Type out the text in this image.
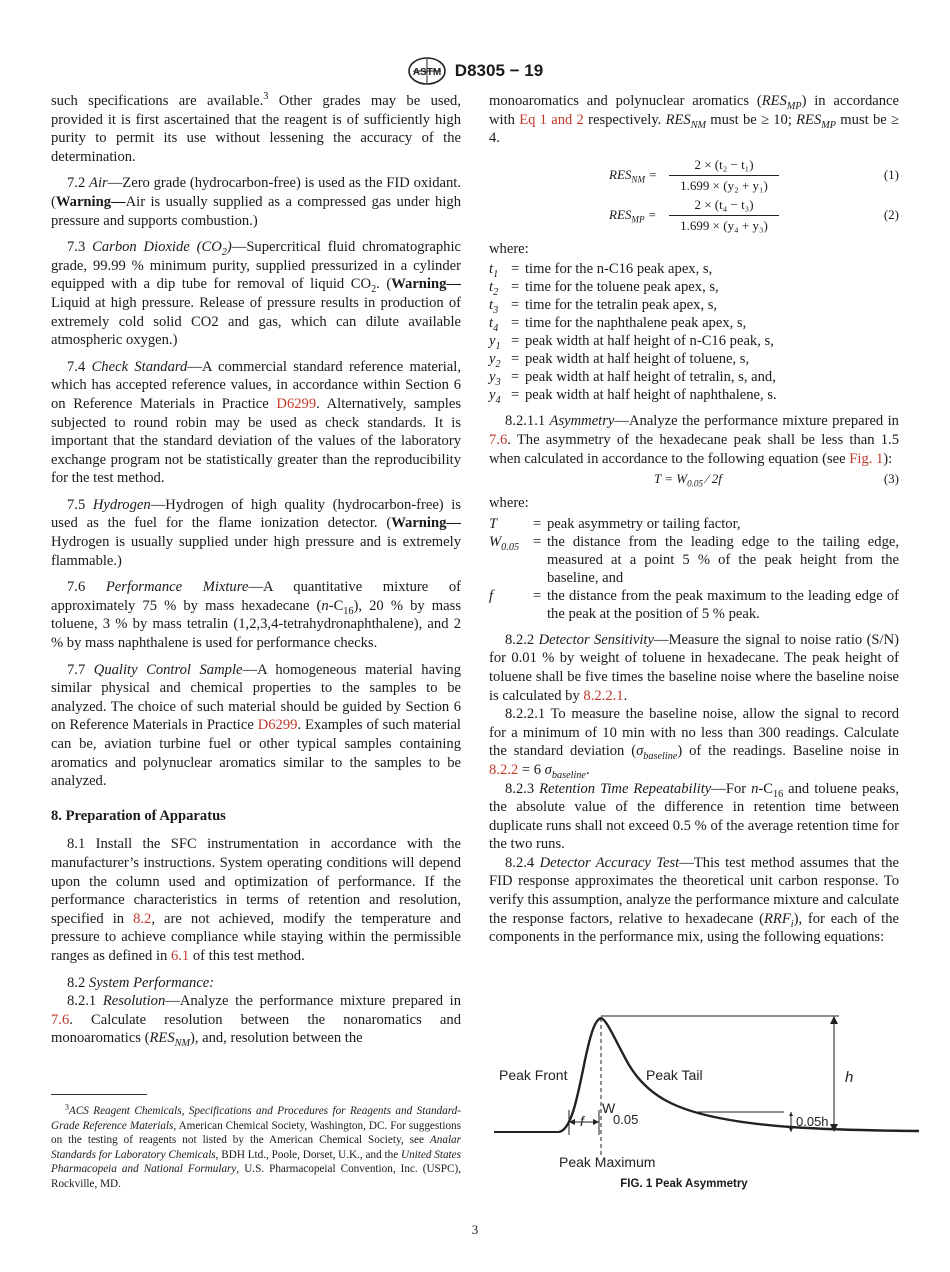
ASTM D8305 − 19

such specifications are available.$^3$ Other grades may be used, provided it is first ascertained that the reagent is of sufficiently high purity to permit its use without lessening the accuracy of the determination.

7.2 Air—Zero grade (hydrocarbon-free) is used as the FID oxidant. (Warning—Air is usually supplied as a compressed gas under high pressure and supports combustion.)

7.3 Carbon Dioxide $(CO_2)—Supercritical$ fluid chromatographic grade, 99.99 % minimum purity, supplied pressurized in a cylinder equipped with a dip tube for removal of liquid $CO_2$. (Warning—Liquid at high pressure. Release of pressure results in production of extremely cold solid CO2 and gas, which can dilute available atmospheric oxygen.)

7.4 Check Standard—A commercial standard reference material, which has accepted reference values, in accordance within Section 6 on Reference Materials in Practice D6299. Alternatively, samples subjected to round robin may be used as check standards. It is important that the standard deviation of the values of the laboratory exchange program not be statistically greater than the reproducibility for the test method.

7.5 Hydrogen—Hydrogen of high quality (hydrocarbon-free) is used as the fuel for the flame ionization detector. (Warning—Hydrogen is usually supplied under high pressure and is extremely flammable.)

7.6 Performance Mixture—A quantitative mixture of approximately 75 % by mass hexadecane $(n-C_{16})$, 20 % by mass toluene, 3 % by mass tetralin (1,2,3,4-tetrahydronaphthalene), and 2 % by mass naphthalene is used for performance checks.

7.7 Quality Control Sample—A homogeneous material having similar physical and chemical properties to the samples to be analyzed. The choice of such material should be guided by Section 6 on Reference Materials in Practice D6299. Examples of such material can be, aviation turbine fuel or other typical samples containing aromatics and polynuclear aromatics similar to the samples to be analyzed.

8. Preparation of Apparatus

8.1 Install the SFC instrumentation in accordance with the manufacturer’s instructions. System operating conditions will depend upon the column used and optimization of performance. If the performance characteristics in terms of retention and resolution, specified in 8.2, are not achieved, modify the temperature and pressure to achieve compliance while staying within the permissible ranges as defined in 6.1 of this test method.

8.2 System Performance:

8.2.1 Resolution—Analyze the performance mixture prepared in 7.6. Calculate resolution between the nonaromatics and monoaromatics $(RES_{NM})$, and, resolution between the

$^3$ACS Reagent Chemicals, Specifications and Procedures for Reagents and Standard-Grade Reference Materials, American Chemical Society, Washington, DC. For suggestions on the testing of reagents not listed by the American Chemical Society, see Analar Standards for Laboratory Chemicals, BDH Ltd., Poole, Dorset, U.K., and the United States Pharmacopeia and National Formulary, U.S. Pharmacopeial Convention, Inc. (USPC), Rockville, MD.

monoaromatics and polynuclear aromatics $(RES_{MP})$ in accordance with Eq 1 and 2 respectively. $RES_{NM}$ must be ≥ 10; $RES_{MP}$ must be ≥ 4.

$RES_{NM} = \frac{\text{2 × (t₂ − t₁)}}{\text{1.699 × (y₂ + y₁)}}$	(1)
$RES_{MP} = \frac{\text{2 × (t₄ − t₃)}}{\text{1.699 × (y₄ + y₃)}}$	(2)

where:

$t_1$	=	time for the n-C16 peak apex, s,
$t_2$	=	time for the toluene peak apex, s,
$t_3$	=	time for the tetralin peak apex, s,
$t_4$	=	time for the naphthalene peak apex, s,
$y_1$	=	peak width at half height of n-C16 peak, s,
$y_2$	=	peak width at half height of toluene, s,
$y_3$	=	peak width at half height of tetralin, s, and,
$y_4$	=	peak width at half height of naphthalene, s.

8.2.1.1 Asymmetry—Analyze the performance mixture prepared in 7.6. The asymmetry of the hexadecane peak shall be less than 1.5 when calculated in accordance to the following equation (see Fig. 1):

$T = W_{0.05}$ ⁄ 2f	(3)

where:

T	=	peak asymmetry or tailing factor,
$W_{0.05}$	=	the distance from the leading edge to the tailing edge, measured at a point 5 % of the peak height from the baseline, and
f	=	the distance from the peak maximum to the leading edge of the peak at the position of 5 % peak.

8.2.2 Detector Sensitivity—Measure the signal to noise ratio (S/N) for 0.01 % by weight of toluene in hexadecane. The peak height of toluene shall be five times the baseline noise where the baseline noise is calculated by 8.2.2.1.

8.2.2.1 To measure the baseline noise, allow the signal to record for a minimum of 10 min with no less than 300 readings. Calculate the standard deviation $(\sigma_{baseline})$ of the readings. Baseline noise in 8.2.2 = 6 $\sigma_{baseline}$.

8.2.3 Retention Time Repeatability—For $n-C_{16}$ and toluene peaks, the absolute value of the difference in retention time between duplicate runs shall not exceed 0.5 % of the average retention time for the two runs.

8.2.4 Detector Accuracy Test—This test method assumes that the FID response approximates the theoretical unit carbon response. To verify this assumption, analyze the performance mixture and calculate the response factors, relative to hexadecane $(RRF_i)$, for each of the components in the performance mix, using the following equations:

Peak Front	Peak Tail	h
W
0.05
f	0.05h
Peak Maximum
FIG. 1 Peak Asymmetry
3
